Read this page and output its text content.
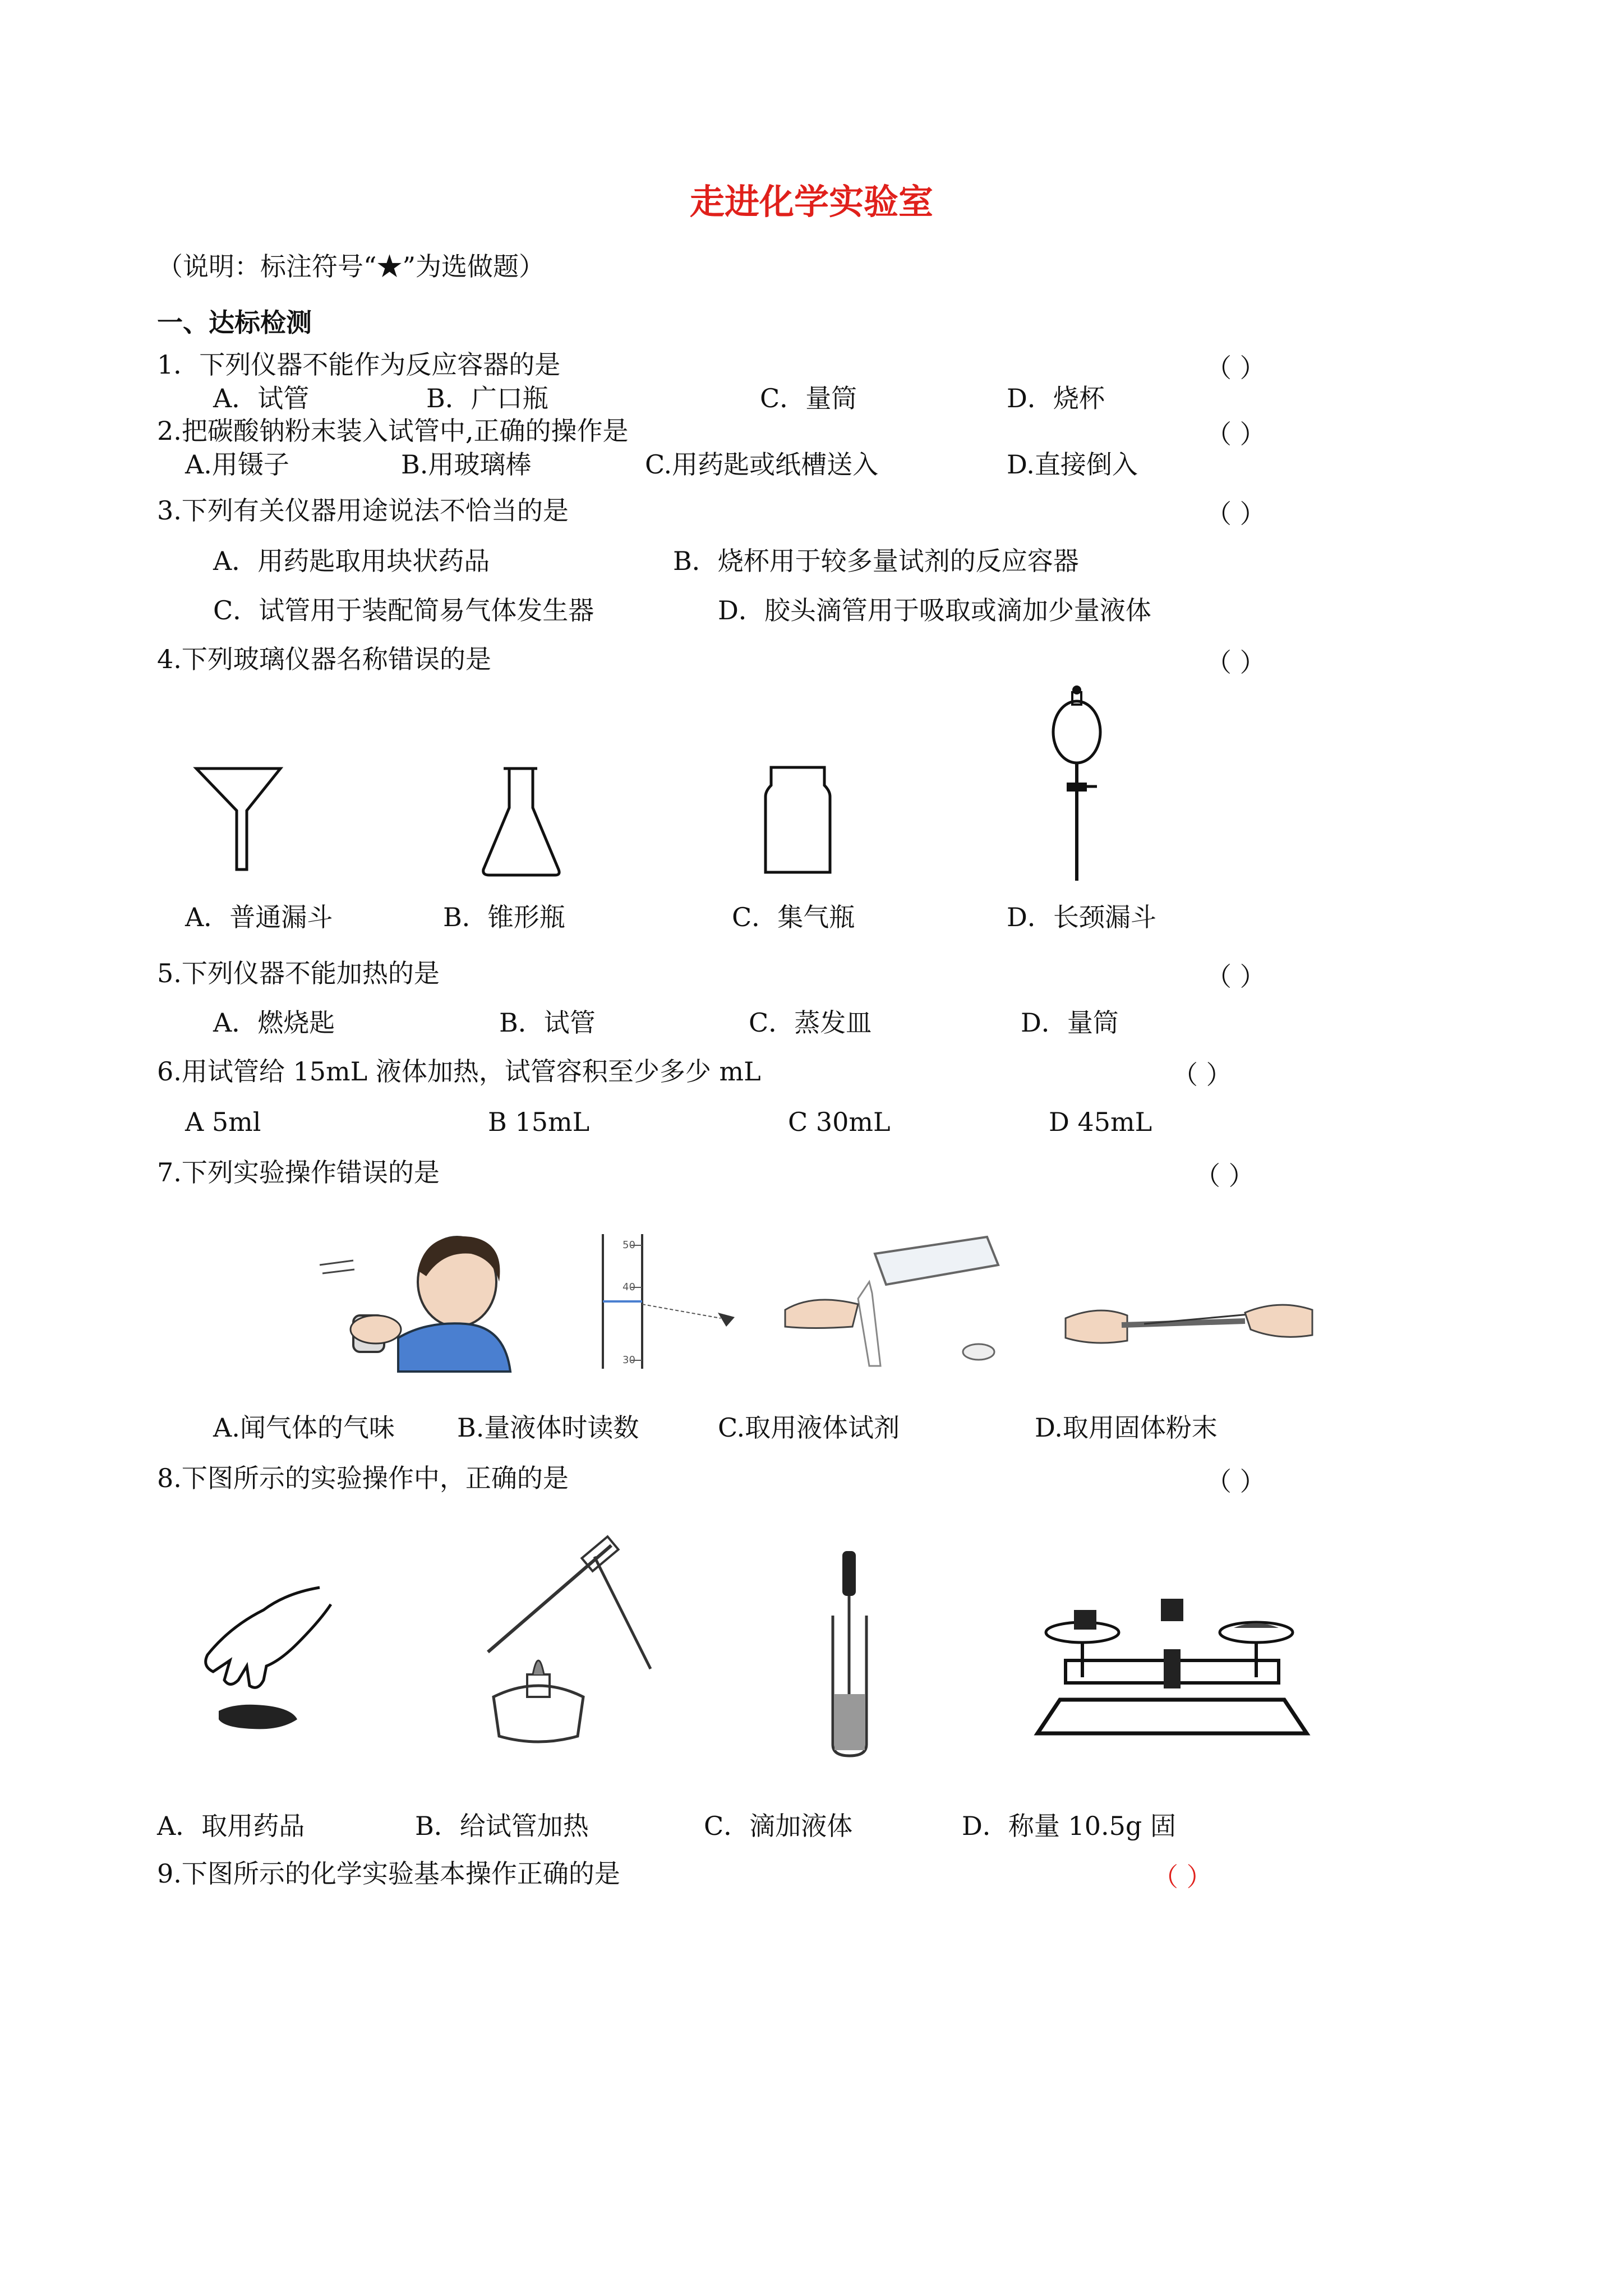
走进化学实验室
（说明：标注符号“★”为选做题）
一、达标检测
1．下列仪器不能作为反应容器的是	（ ）
A．试管	B．广口瓶	C．量筒	D．烧杯
2.把碳酸钠粉末装入试管中,正确的操作是	（ ）
A.用镊子	B.用玻璃棒	C.用药匙或纸槽送入	D.直接倒入
3.下列有关仪器用途说法不恰当的是	（ ）
A．用药匙取用块状药品	B．烧杯用于较多量试剂的反应容器
C．试管用于装配简易气体发生器	D．胶头滴管用于吸取或滴加少量液体
4.下列玻璃仪器名称错误的是	（ ）
A．普通漏斗	B．锥形瓶	C．集气瓶	D．长颈漏斗
5.下列仪器不能加热的是	（ ）
A．燃烧匙	B．试管	C．蒸发皿	D．量筒
6.用试管给 15mL 液体加热，试管容积至少多少 mL	（ ）
A 5ml	B 15mL	C 30mL	D 45mL
7.下列实验操作错误的是	（ ）
50
40
30
A.闻气体的气味 B.量液体时读数	C.取用液体试剂	D.取用固体粉末
8.下图所示的实验操作中，正确的是	（ ）
A．取用药品	B．给试管加热	C．滴加液体	D．称量 10.5g 固
9.下图所示的化学实验基本操作正确的是	（ ）
